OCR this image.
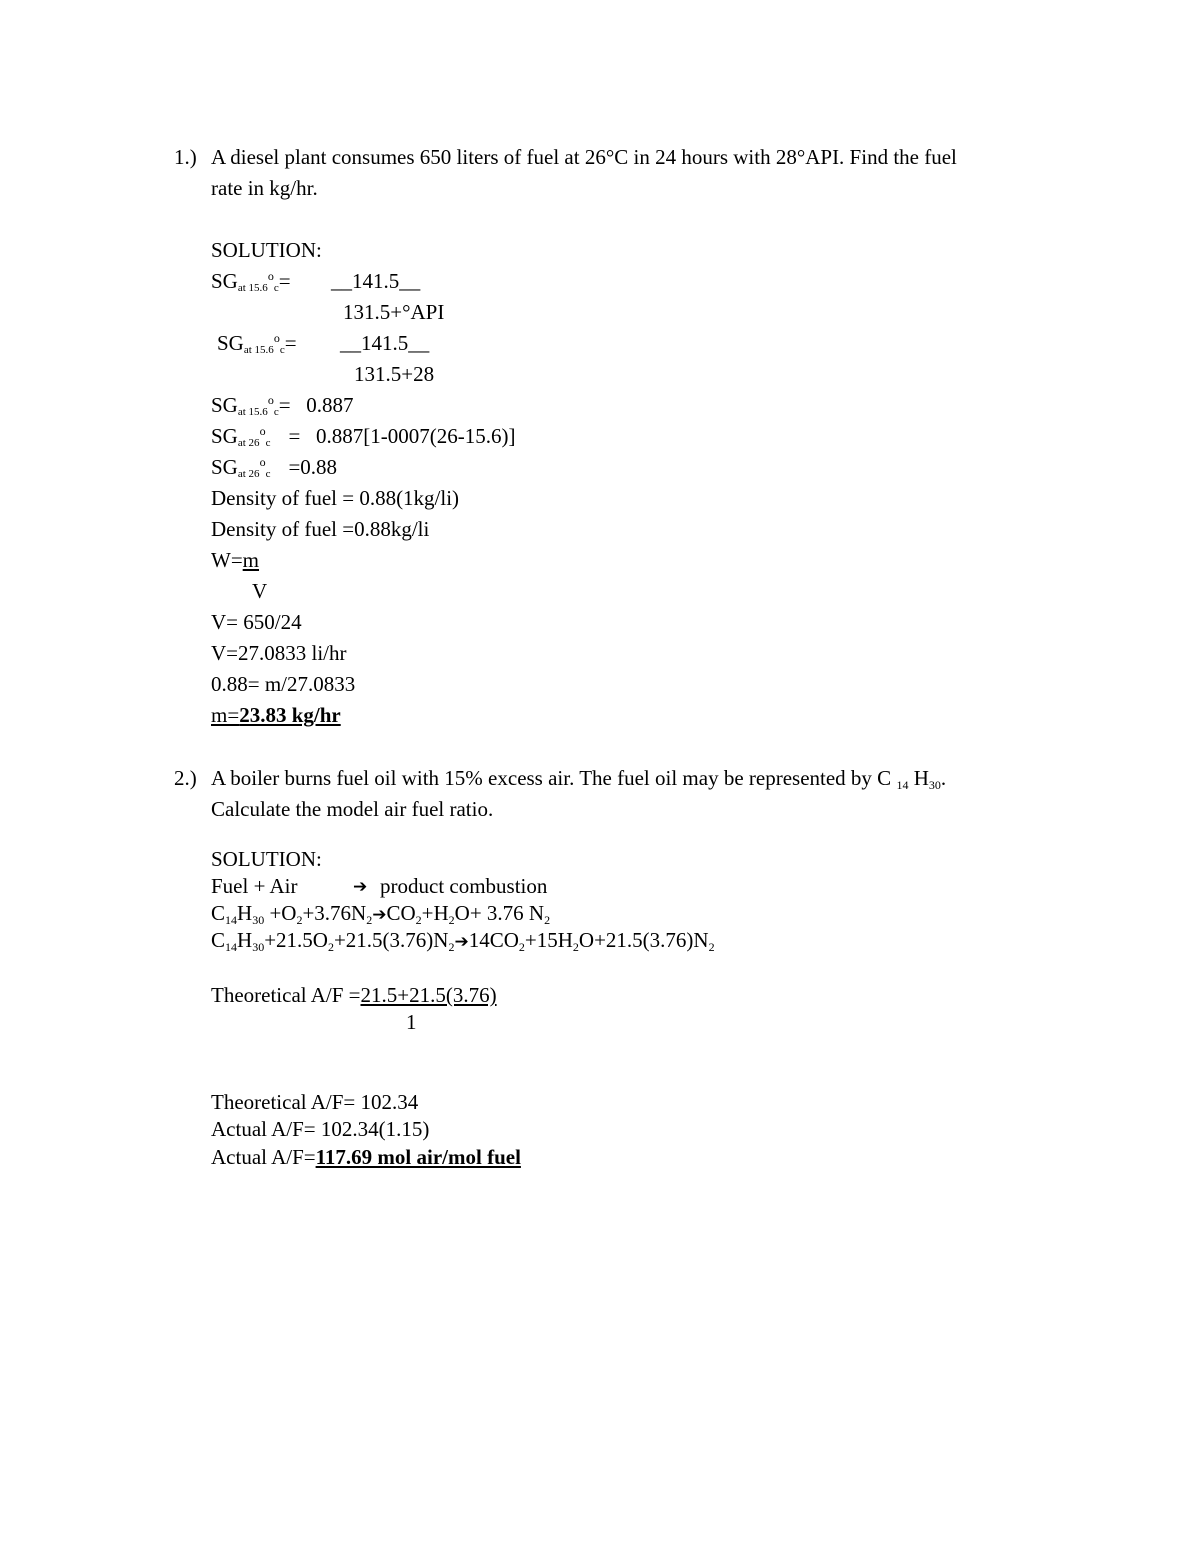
1.) A diesel plant consumes 650 liters of fuel at 26°C in 24 hours with 28°API. Find the fuel
rate in kg/hr.
SOLUTION:
SGat $15.6^oc=$ __141.5__
131.5+°API
SGat $15.6^oc=$ __141.5__
131.5+28
SGat $15.6^oc= 0.887$
SGat $26^oc = 0.887[1-0007(26-15.6)]$
SGat $26^oc =0.88$
Density of fuel = 0.88(1kg/li)
Density of fuel =0.88kg/li
W=m
V
V= 650/24
V=27.0833 li/hr
0.88= m/27.0833
m=23.83 kg/hr
2.) A boiler burns fuel oil with 15% excess air. The fuel oil may be represented by C $_{14}$ $H_{30}$.
Calculate the model air fuel ratio.
SOLUTION:
Fuel + Air	➔ product combustion
$C_{14}H_{30}$ $+O_2+3.76N_2➔CO_2+H_2O+ 3.76$ $N_2$
$C_{14}H_{30}+21.5O_2+21.5(3.76)N_2➔14CO_2+15H_2O+21.5(3.76)N_2$
Theoretical A/F =21.5+21.5(3.76)
1
Theoretical A/F= 102.34
Actual A/F= 102.34(1.15)
Actual A/F=117.69 mol air/mol fuel
